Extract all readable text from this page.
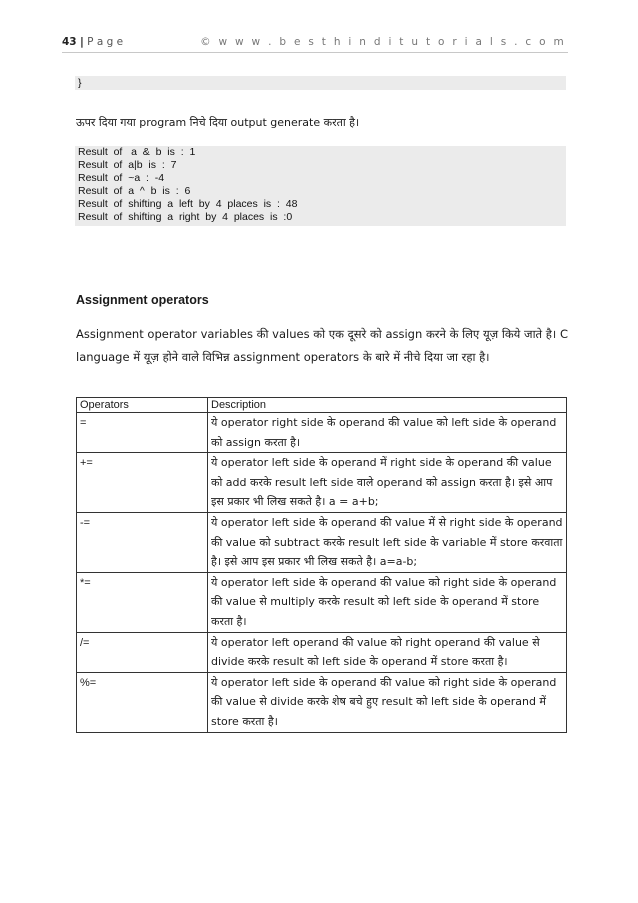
43 | P a g e	© w w w . b e s t h i n d i t u t o r i a l s . c o m
}
ऊपर दिया गया program निचे दिया output generate करता है।
Result  of   a  &  b  is  :  1
Result  of  a|b  is  :  7
Result  of  ~a  :  -4
Result  of  a  ^  b  is  :  6
Result  of  shifting  a  left  by  4  places  is  :  48
Result  of  shifting  a  right  by  4  places  is  :0
Assignment operators
Assignment operator variables की values को एक दूसरे को assign करने के लिए यूज़ किये जाते है। C language में यूज़ होने वाले विभिन्न assignment operators के बारे में नीचे दिया जा रहा है।
Operators	Description
=	ये operator right side के operand की value को left side के operand को assign करता है।
+=	ये operator left side के operand में right side के operand की value को add करके result left side वाले operand को assign करता है। इसे आप इस प्रकार भी लिख सकते है। a = a+b;
-=	ये operator left side के operand की value में से right side के operand की value को subtract करके result left side के variable में store करवाता है। इसे आप इस प्रकार भी लिख सकते है। a=a-b;
*=	ये operator left side के operand की value को right side के operand की value से multiply करके result को left side के operand में store करता है।
/=	ये operator left operand की value को right operand की value से divide करके result को left side के operand में store करता है।
%=	ये operator left side के operand की value को right side के operand की value से divide करके शेष बचे हुए result को left side के operand में store करता है।
